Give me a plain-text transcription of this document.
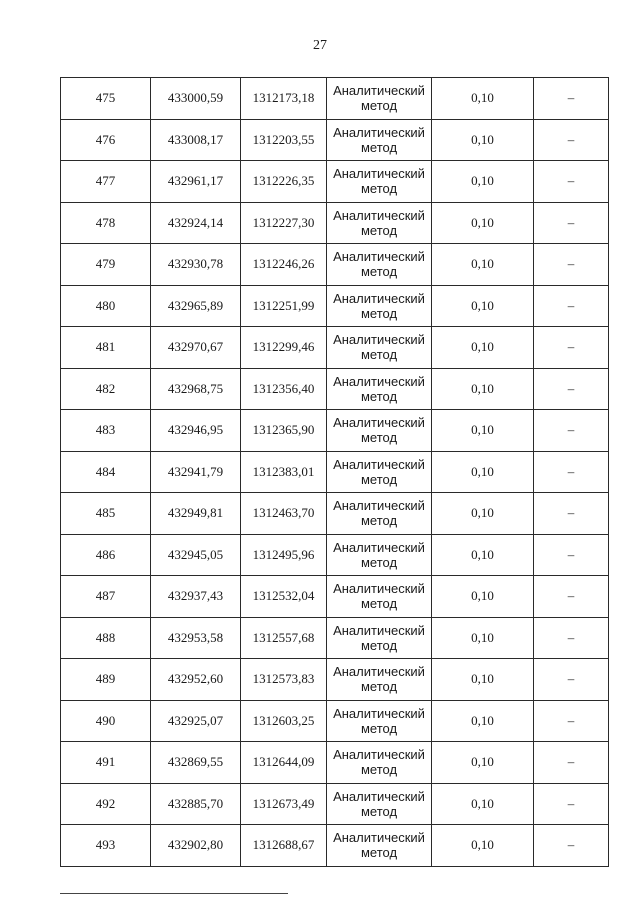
27
475	433000,59	1312173,18	Аналитический
метод	0,10	–
476	433008,17	1312203,55	Аналитический
метод	0,10	–
477	432961,17	1312226,35	Аналитический
метод	0,10	–
478	432924,14	1312227,30	Аналитический
метод	0,10	–
479	432930,78	1312246,26	Аналитический
метод	0,10	–
480	432965,89	1312251,99	Аналитический
метод	0,10	–
481	432970,67	1312299,46	Аналитический
метод	0,10	–
482	432968,75	1312356,40	Аналитический
метод	0,10	–
483	432946,95	1312365,90	Аналитический
метод	0,10	–
484	432941,79	1312383,01	Аналитический
метод	0,10	–
485	432949,81	1312463,70	Аналитический
метод	0,10	–
486	432945,05	1312495,96	Аналитический
метод	0,10	–
487	432937,43	1312532,04	Аналитический
метод	0,10	–
488	432953,58	1312557,68	Аналитический
метод	0,10	–
489	432952,60	1312573,83	Аналитический
метод	0,10	–
490	432925,07	1312603,25	Аналитический
метод	0,10	–
491	432869,55	1312644,09	Аналитический
метод	0,10	–
492	432885,70	1312673,49	Аналитический
метод	0,10	–
493	432902,80	1312688,67	Аналитический
метод	0,10	–
